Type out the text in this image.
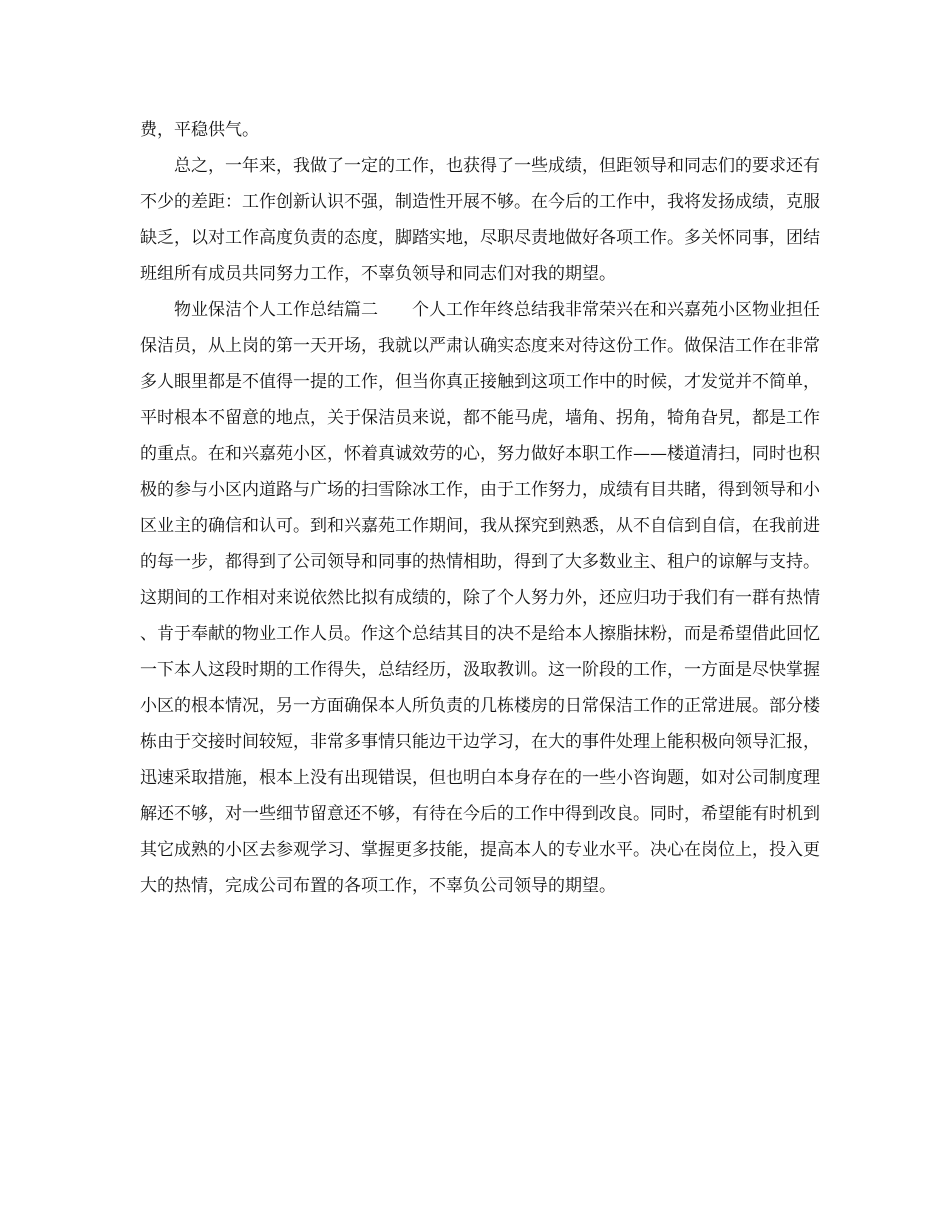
费，平稳供气。

总之，一年来，我做了一定的工作，也获得了一些成绩，但距领导和同志们的要求还有不少的差距：工作创新认识不强，制造性开展不够。在今后的工作中，我将发扬成绩，克服缺乏，以对工作高度负责的态度，脚踏实地，尽职尽责地做好各项工作。多关怀同事，团结班组所有成员共同努力工作，不辜负领导和同志们对我的期望。

物业保洁个人工作总结篇二　　个人工作年终总结我非常荣兴在和兴嘉苑小区物业担任保洁员，从上岗的第一天开场，我就以严肃认确实态度来对待这份工作。做保洁工作在非常多人眼里都是不值得一提的工作，但当你真正接触到这项工作中的时候，才发觉并不简单，平时根本不留意的地点，关于保洁员来说，都不能马虎，墙角、拐角，犄角旮旯，都是工作的重点。在和兴嘉苑小区，怀着真诚效劳的心，努力做好本职工作——楼道清扫，同时也积极的参与小区内道路与广场的扫雪除冰工作，由于工作努力，成绩有目共睹，得到领导和小区业主的确信和认可。到和兴嘉苑工作期间，我从探究到熟悉，从不自信到自信，在我前进的每一步，都得到了公司领导和同事的热情相助，得到了大多数业主、租户的谅解与支持。这期间的工作相对来说依然比拟有成绩的，除了个人努力外，还应归功于我们有一群有热情、肯于奉献的物业工作人员。作这个总结其目的决不是给本人擦脂抹粉，而是希望借此回忆一下本人这段时期的工作得失，总结经历，汲取教训。这一阶段的工作，一方面是尽快掌握小区的根本情况，另一方面确保本人所负责的几栋楼房的日常保洁工作的正常进展。部分楼栋由于交接时间较短，非常多事情只能边干边学习，在大的事件处理上能积极向领导汇报，迅速采取措施，根本上没有出现错误，但也明白本身存在的一些小咨询题，如对公司制度理解还不够，对一些细节留意还不够，有待在今后的工作中得到改良。同时，希望能有时机到其它成熟的小区去参观学习、掌握更多技能，提高本人的专业水平。决心在岗位上，投入更大的热情，完成公司布置的各项工作，不辜负公司领导的期望。
